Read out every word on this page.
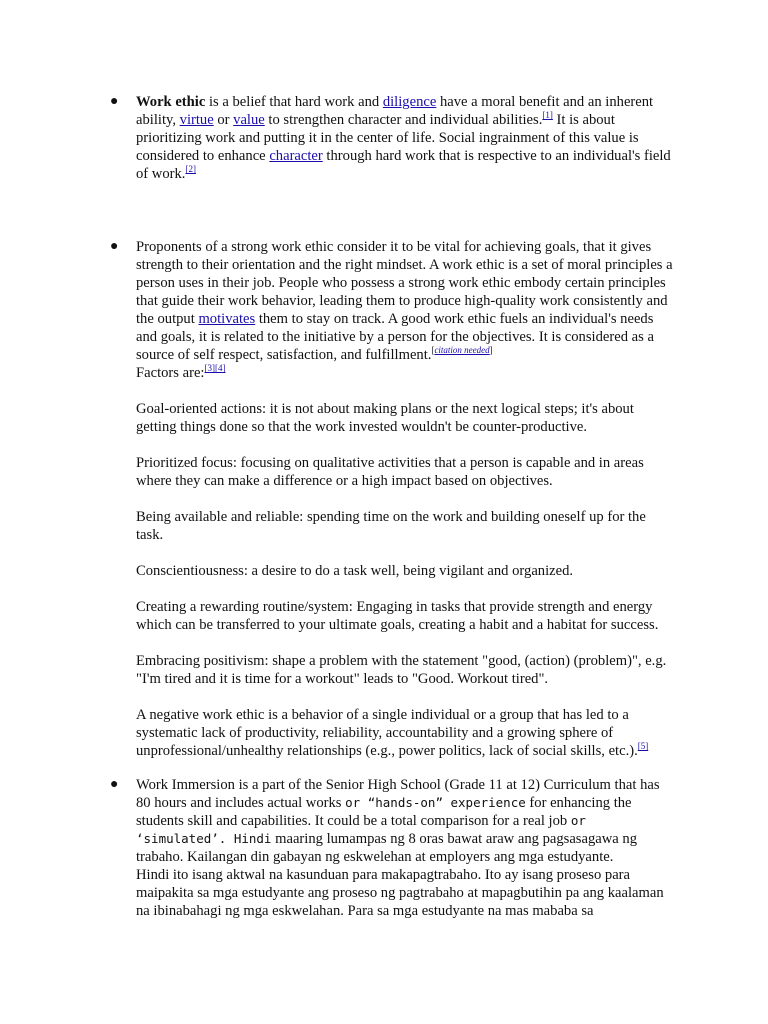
● Work ethic is a belief that hard work and diligence have a moral benefit and an inherent ability, virtue or value to strengthen character and individual abilities.[1] It is about prioritizing work and putting it in the center of life. Social ingrainment of this value is considered to enhance character through hard work that is respective to an individual's field of work.[2]

● Proponents of a strong work ethic consider it to be vital for achieving goals, that it gives strength to their orientation and the right mindset. A work ethic is a set of moral principles a person uses in their job. People who possess a strong work ethic embody certain principles that guide their work behavior, leading them to produce high-quality work consistently and the output motivates them to stay on track. A good work ethic fuels an individual's needs and goals, it is related to the initiative by a person for the objectives. It is considered as a source of self respect, satisfaction, and fulfillment.[citation needed]
Factors are:[3][4]

Goal-oriented actions: it is not about making plans or the next logical steps; it's about getting things done so that the work invested wouldn't be counter-productive.

Prioritized focus: focusing on qualitative activities that a person is capable and in areas where they can make a difference or a high impact based on objectives.

Being available and reliable: spending time on the work and building oneself up for the task.

Conscientiousness: a desire to do a task well, being vigilant and organized.

Creating a rewarding routine/system: Engaging in tasks that provide strength and energy which can be transferred to your ultimate goals, creating a habit and a habitat for success.

Embracing positivism: shape a problem with the statement "good, (action) (problem)", e.g. "I'm tired and it is time for a workout" leads to "Good. Workout tired".

A negative work ethic is a behavior of a single individual or a group that has led to a systematic lack of productivity, reliability, accountability and a growing sphere of unprofessional/unhealthy relationships (e.g., power politics, lack of social skills, etc.).[5]

● Work Immersion is a part of the Senior High School (Grade 11 at 12) Curriculum that has 80 hours and includes actual works or “hands-on” experience for enhancing the students skill and capabilities. It could be a total comparison for a real job or ‘simulated’. Hindi maaring lumampas ng 8 oras bawat araw ang pagsasagawa ng trabaho. Kailangan din gabayan ng eskwelehan at employers ang mga estudyante.
Hindi ito isang aktwal na kasunduan para makapagtrabaho. Ito ay isang proseso para maipakita sa mga estudyante ang proseso ng pagtrabaho at mapagbutihin pa ang kaalaman na ibinabahagi ng mga eskwelahan. Para sa mga estudyante na mas mababa sa
